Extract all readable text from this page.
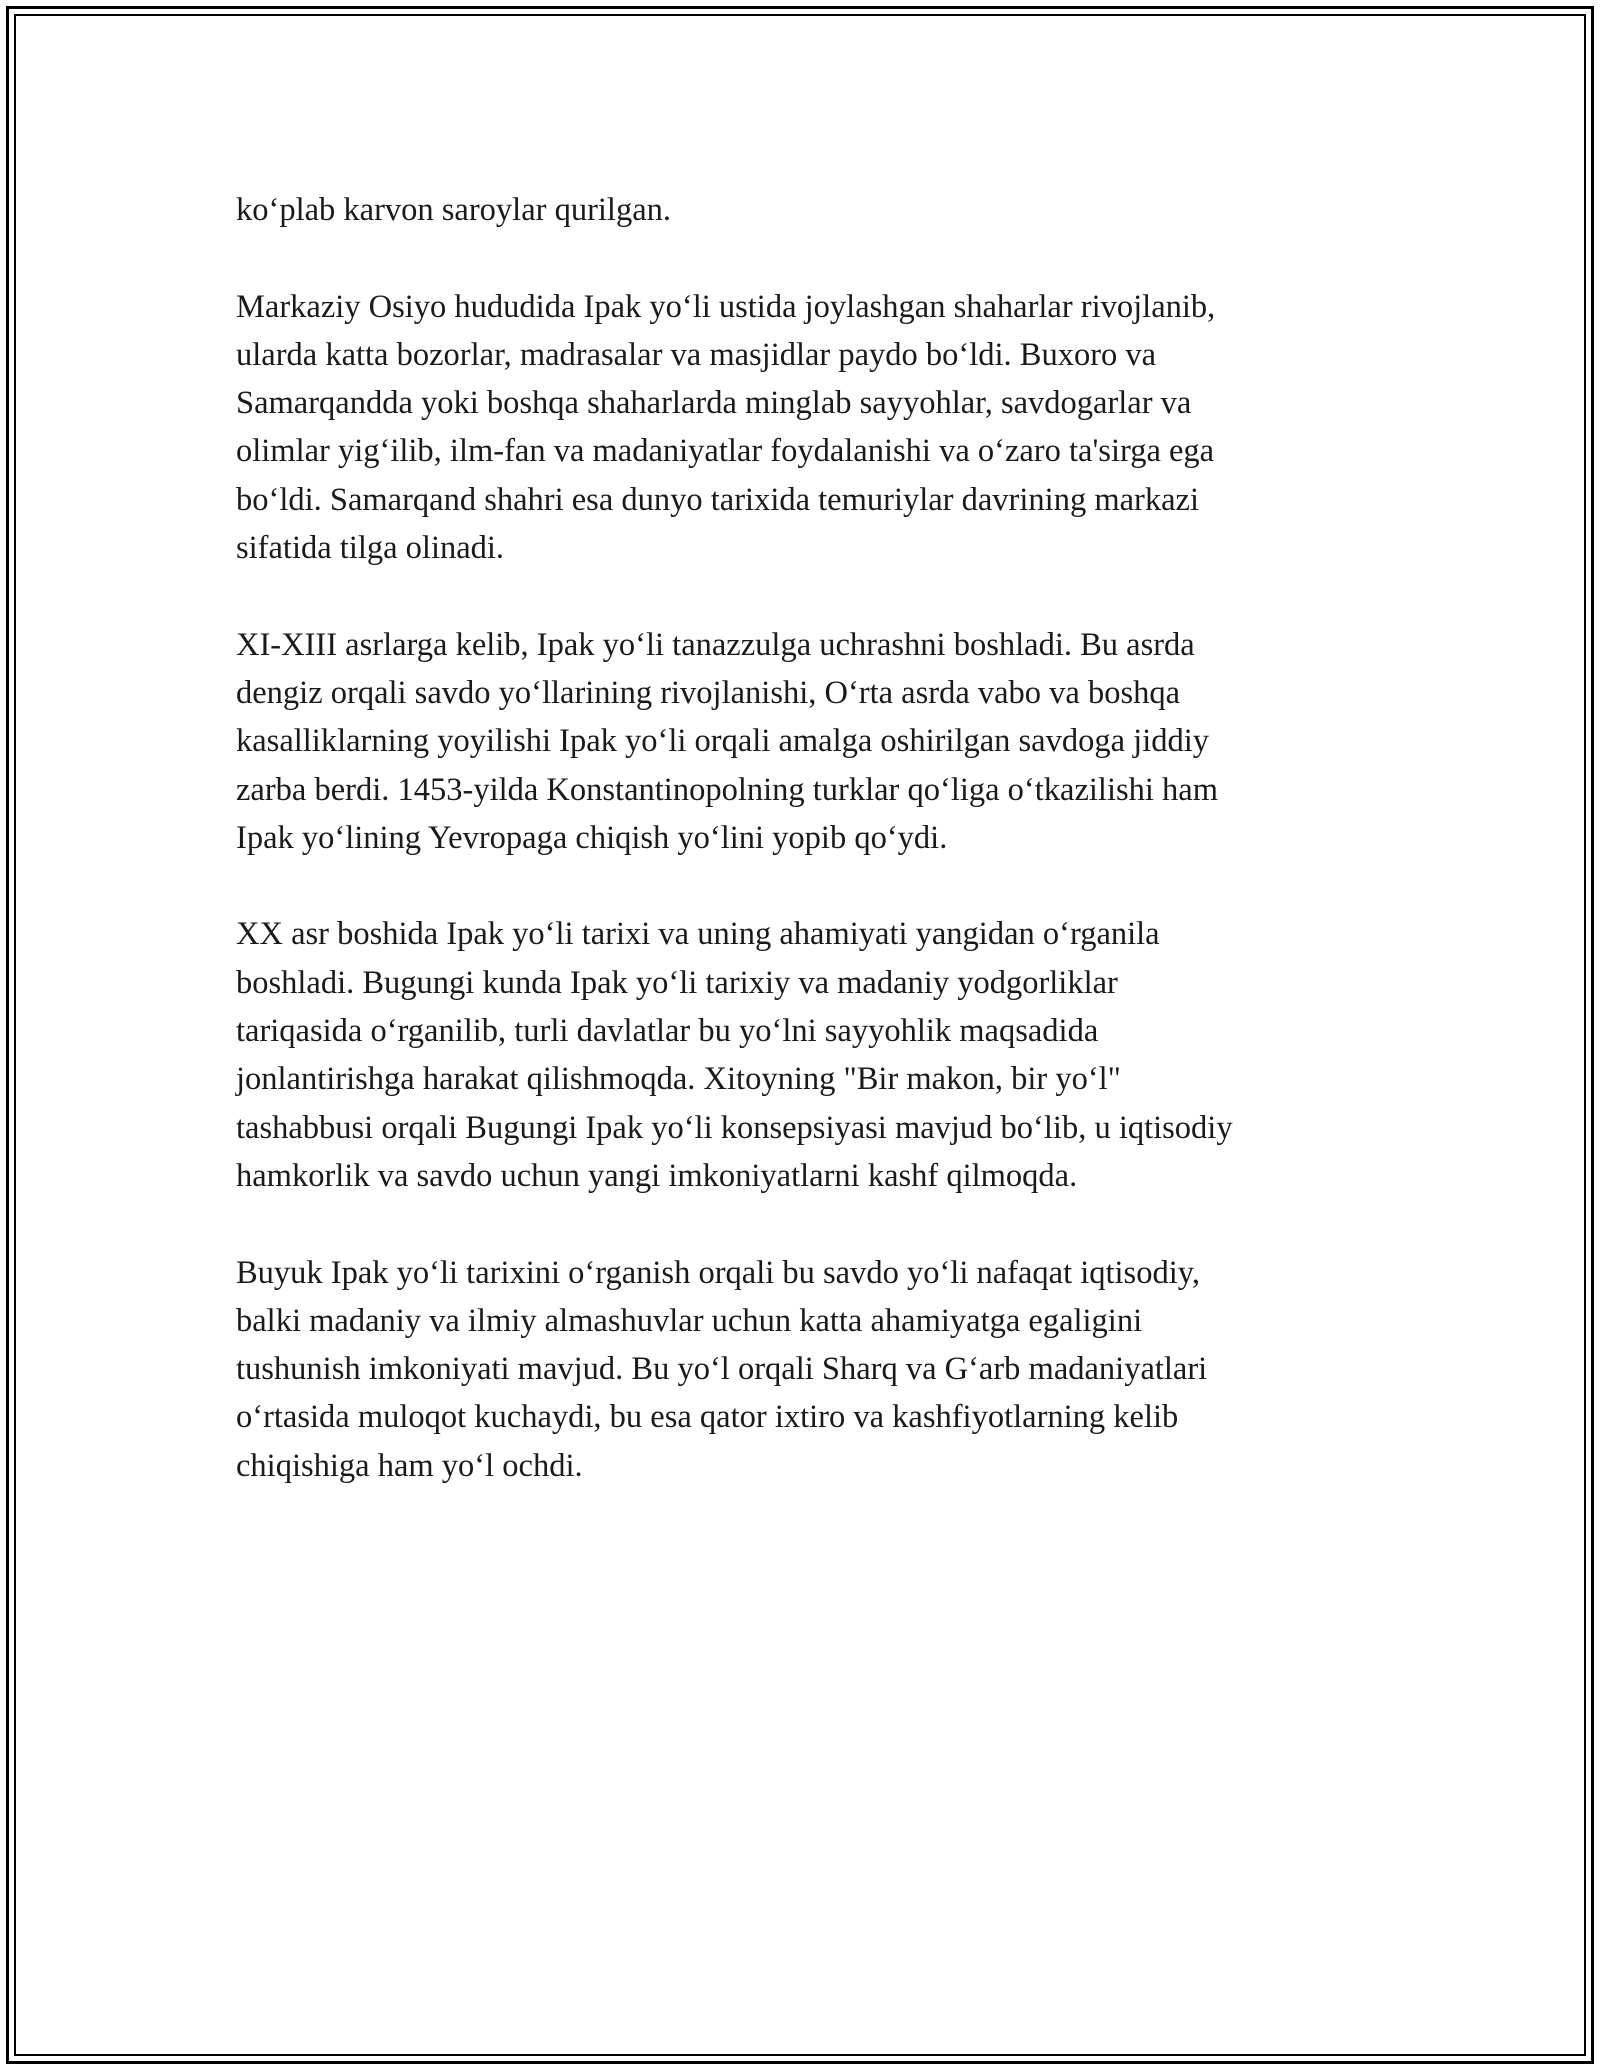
ko‘plab karvon saroylar qurilgan.

Markaziy Osiyo hududida Ipak yo‘li ustida joylashgan shaharlar rivojlanib,
ularda katta bozorlar, madrasalar va masjidlar paydo bo‘ldi. Buxoro va
Samarqandda yoki boshqa shaharlarda minglab sayyohlar, savdogarlar va
olimlar yig‘ilib, ilm-fan va madaniyatlar foydalanishi va o‘zaro ta'sirga ega
bo‘ldi. Samarqand shahri esa dunyo tarixida temuriylar davrining markazi
sifatida tilga olinadi.

XI-XIII asrlarga kelib, Ipak yo‘li tanazzulga uchrashni boshladi. Bu asrda
dengiz orqali savdo yo‘llarining rivojlanishi, O‘rta asrda vabo va boshqa
kasalliklarning yoyilishi Ipak yo‘li orqali amalga oshirilgan savdoga jiddiy
zarba berdi. 1453-yilda Konstantinopolning turklar qo‘liga o‘tkazilishi ham
Ipak yo‘lining Yevropaga chiqish yo‘lini yopib qo‘ydi.

XX asr boshida Ipak yo‘li tarixi va uning ahamiyati yangidan o‘rganila
boshladi. Bugungi kunda Ipak yo‘li tarixiy va madaniy yodgorliklar
tariqasida o‘rganilib, turli davlatlar bu yo‘lni sayyohlik maqsadida
jonlantirishga harakat qilishmoqda. Xitoyning "Bir makon, bir yo‘l"
tashabbusi orqali Bugungi Ipak yo‘li konsepsiyasi mavjud bo‘lib, u iqtisodiy
hamkorlik va savdo uchun yangi imkoniyatlarni kashf qilmoqda.

Buyuk Ipak yo‘li tarixini o‘rganish orqali bu savdo yo‘li nafaqat iqtisodiy,
balki madaniy va ilmiy almashuvlar uchun katta ahamiyatga egaligini
tushunish imkoniyati mavjud. Bu yo‘l orqali Sharq va G‘arb madaniyatlari
o‘rtasida muloqot kuchaydi, bu esa qator ixtiro va kashfiyotlarning kelib
chiqishiga ham yo‘l ochdi.
